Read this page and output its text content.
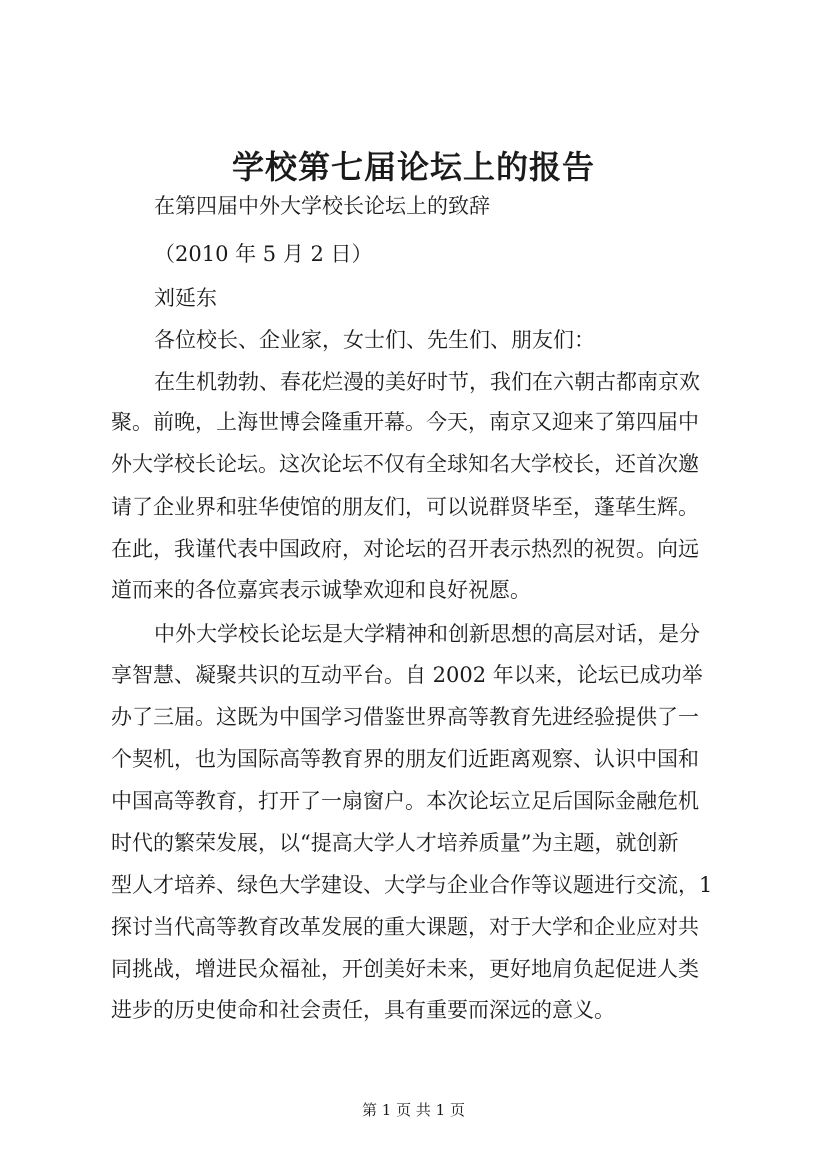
学校第七届论坛上的报告
在第四届中外大学校长论坛上的致辞
（2010 年 5 月 2 日）
刘延东
各位校长、企业家，女士们、先生们、朋友们：
在生机勃勃、春花烂漫的美好时节，我们在六朝古都南京欢
聚。前晚，上海世博会隆重开幕。今天，南京又迎来了第四届中
外大学校长论坛。这次论坛不仅有全球知名大学校长，还首次邀
请了企业界和驻华使馆的朋友们，可以说群贤毕至，蓬荜生辉。
在此，我谨代表中国政府，对论坛的召开表示热烈的祝贺。向远
道而来的各位嘉宾表示诚挚欢迎和良好祝愿。
中外大学校长论坛是大学精神和创新思想的高层对话，是分
享智慧、凝聚共识的互动平台。自 2002 年以来，论坛已成功举
办了三届。这既为中国学习借鉴世界高等教育先进经验提供了一
个契机，也为国际高等教育界的朋友们近距离观察、认识中国和
中国高等教育，打开了一扇窗户。本次论坛立足后国际金融危机
时代的繁荣发展，以“提高大学人才培养质量”为主题，就创新
型人才培养、绿色大学建设、大学与企业合作等议题进行交流，1
探讨当代高等教育改革发展的重大课题，对于大学和企业应对共
同挑战，增进民众福祉，开创美好未来，更好地肩负起促进人类
进步的历史使命和社会责任，具有重要而深远的意义。
第 1 页 共 1 页
